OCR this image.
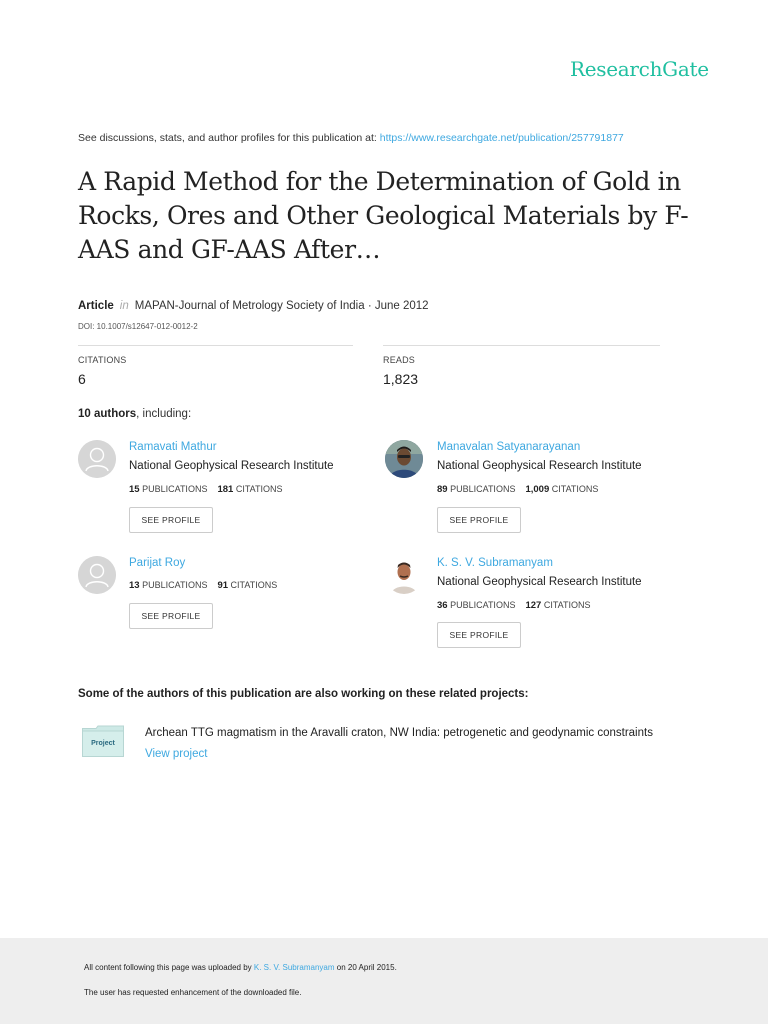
ResearchGate
See discussions, stats, and author profiles for this publication at: https://www.researchgate.net/publication/257791877
A Rapid Method for the Determination of Gold in Rocks, Ores and Other Geological Materials by F-AAS and GF-AAS After…
Article in MAPAN-Journal of Metrology Society of India · June 2012
DOI: 10.1007/s12647-012-0012-2
CITATIONS
6
READS
1,823
10 authors, including:
Ramavati Mathur
National Geophysical Research Institute
15 PUBLICATIONS 181 CITATIONS
SEE PROFILE
Manavalan Satyanarayanan
National Geophysical Research Institute
89 PUBLICATIONS 1,009 CITATIONS
SEE PROFILE
Parijat Roy
13 PUBLICATIONS 91 CITATIONS
SEE PROFILE
K. S. V. Subramanyam
National Geophysical Research Institute
36 PUBLICATIONS 127 CITATIONS
SEE PROFILE
Some of the authors of this publication are also working on these related projects:
Project
Archean TTG magmatism in the Aravalli craton, NW India: petrogenetic and geodynamic constraints
View project
All content following this page was uploaded by K. S. V. Subramanyam on 20 April 2015.
The user has requested enhancement of the downloaded file.
